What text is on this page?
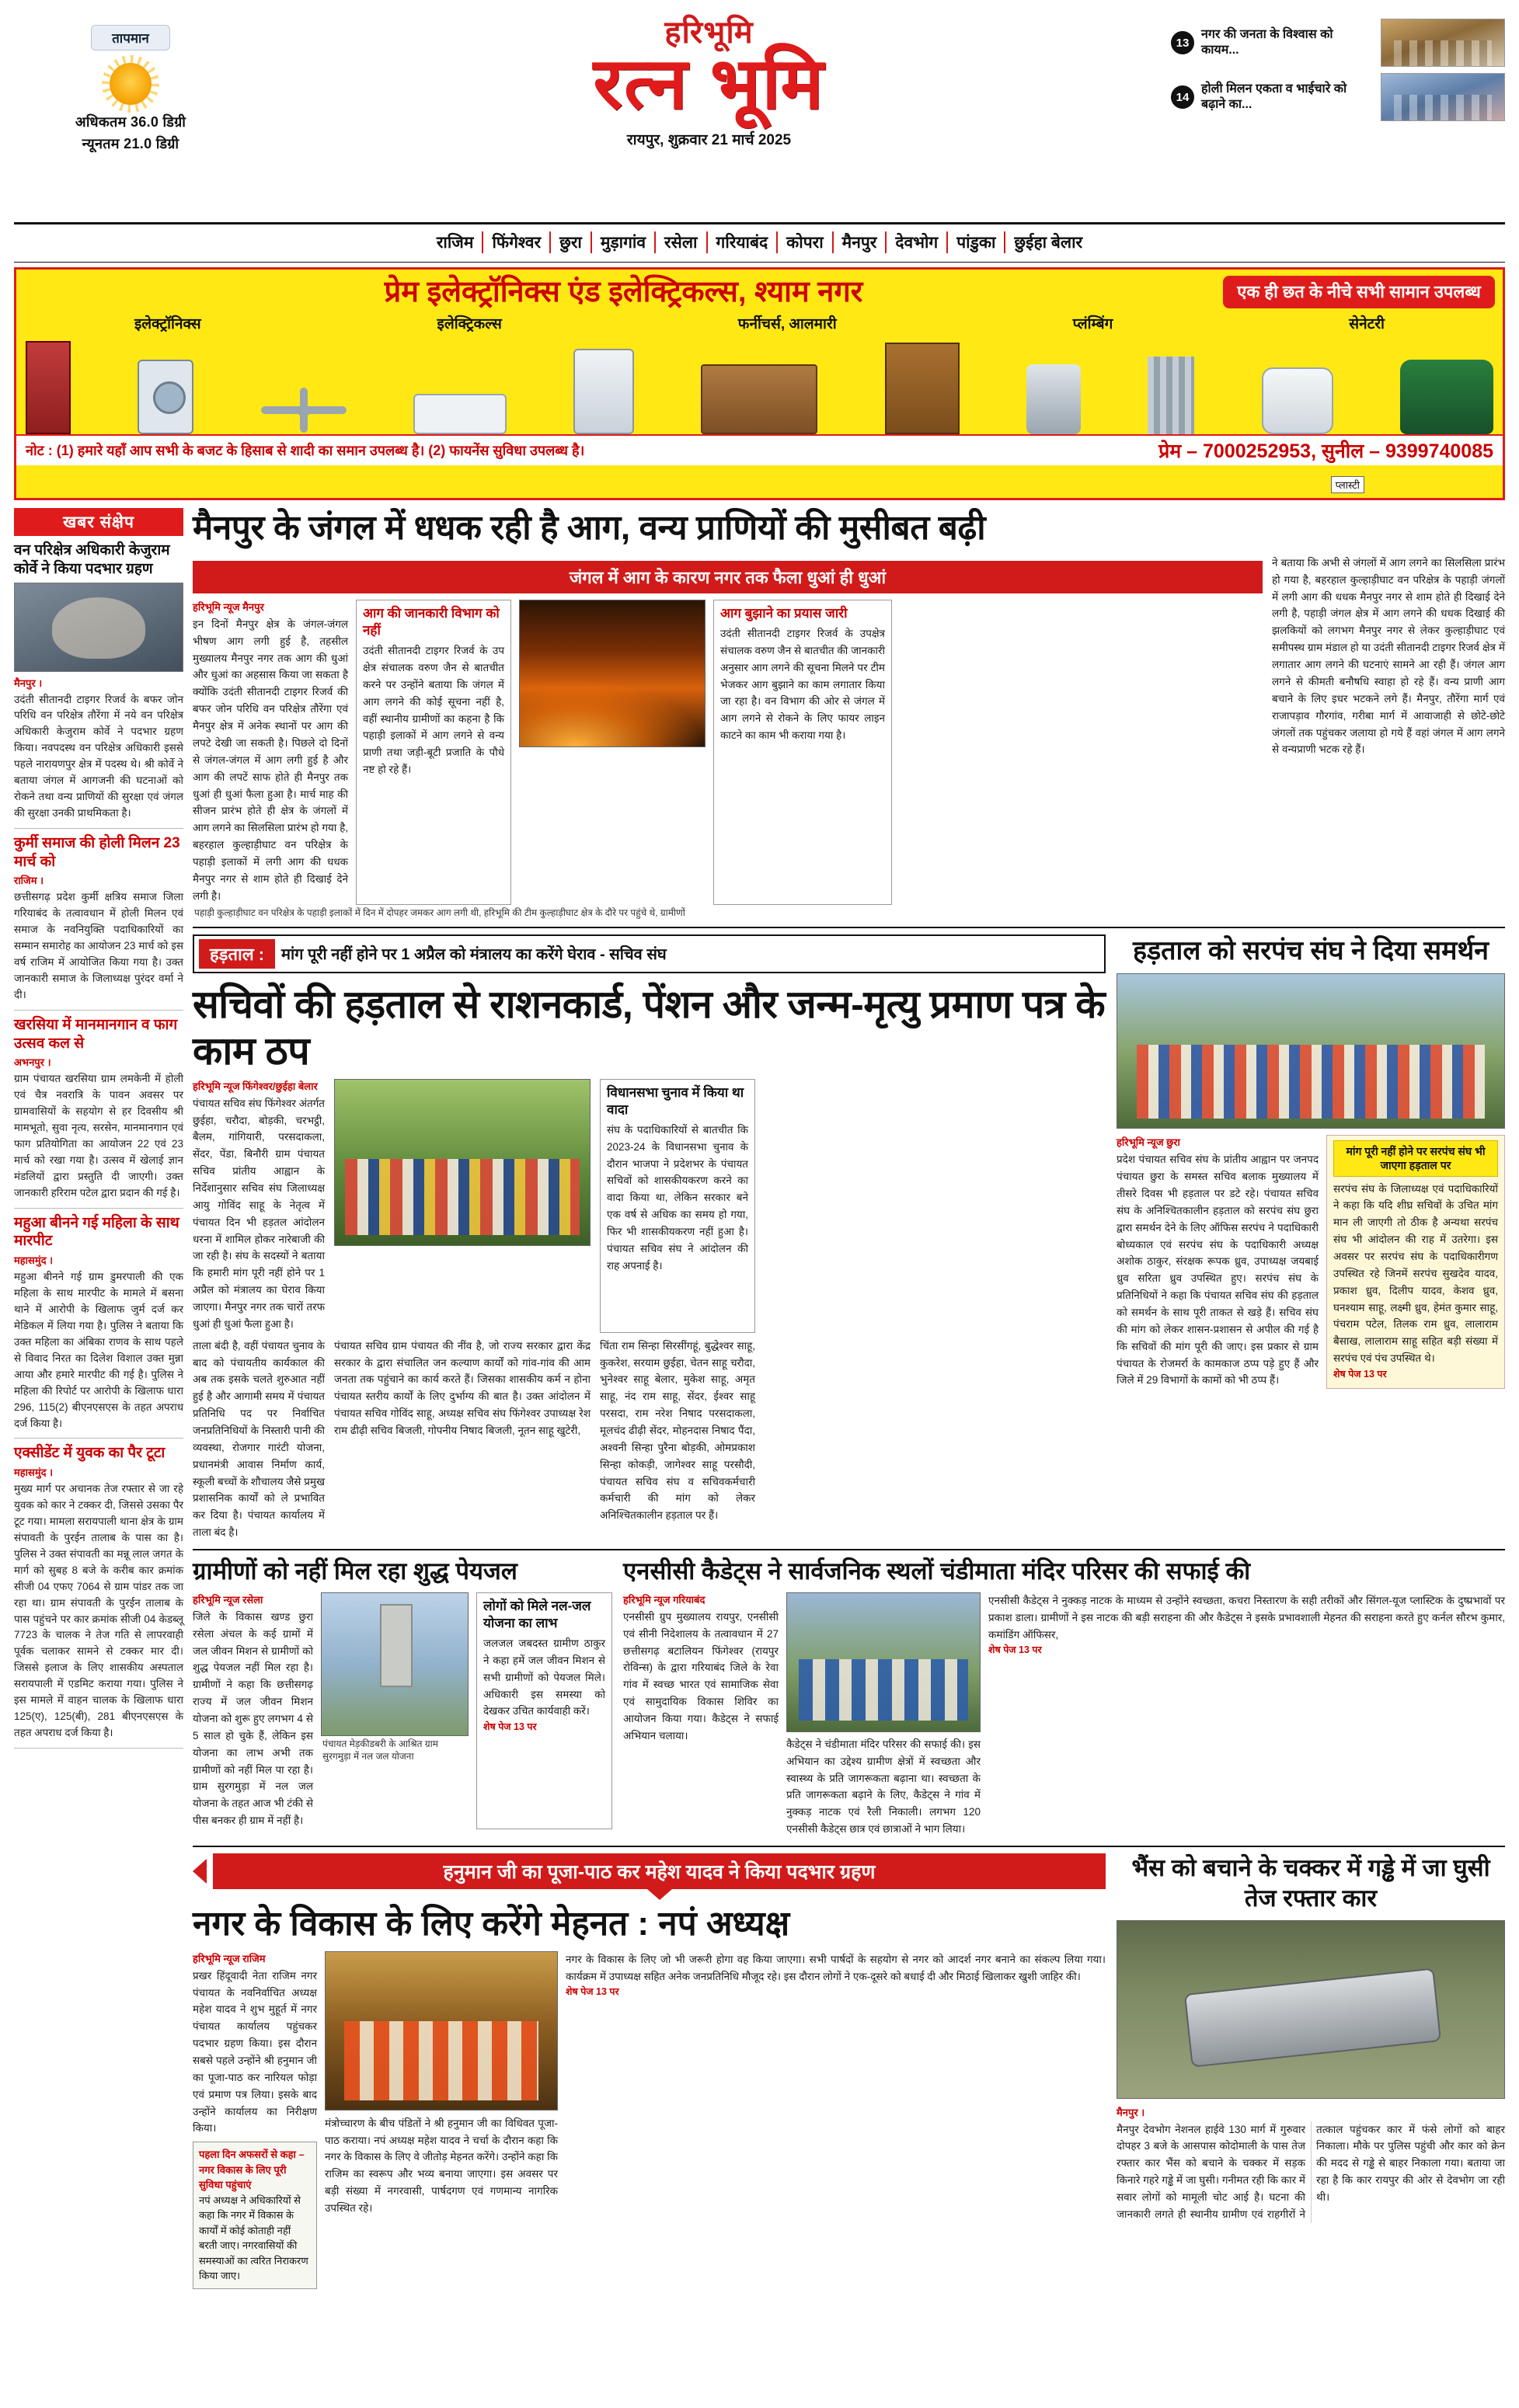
तापमान
अधिकतम 36.0 डिग्री
न्यूनतम 21.0 डिग्री
हरिभूमि
रत्न भूमि
रायपुर, शुक्रवार 21 मार्च 2025
13
नगर की जनता के विश्वास को कायम...
14
होली मिलन एकता व भाईचारे को बढ़ाने का...
राजिम	फिंगेश्वर	छुरा	मुड़ागांव	रसेला	गरियाबंद	कोपरा	मैनपुर	देवभोग	पांडुका	छुईहा बेलार
प्रेम इलेक्ट्रॉनिक्स एंड इलेक्ट्रिकल्स, श्याम नगर	एक ही छत के नीचे सभी सामान उपलब्ध
इलेक्ट्रॉनिक्स	इलेक्ट्रिकल्स	फर्नीचर्स, आलमारी	प्लंम्बिंग	सेनेटरी
प्लास्टी
नोट : (1) हमारे यहाँ आप सभी के बजट के हिसाब से शादी का समान उपलब्ध है। (2) फायनेंस सुविधा उपलब्ध है।	प्रेम – 7000252953, सुनील – 9399740085
खबर संक्षेप
वन परिक्षेत्र अधिकारी केजुराम कोर्वे ने किया पदभार ग्रहण
मैनपुर ।
उदंती सीतानदी टाइगर रिजर्व के बफर जोन परिधि वन परिक्षेत्र तौरेंगा में नये वन परिक्षेत्र अधिकारी केजुराम कोर्वे ने पदभार ग्रहण किया। नवपदस्थ वन परिक्षेत्र अधिकारी इससे पहले नारायणपुर क्षेत्र में पदस्थ थे। श्री कोर्वे ने बताया जंगल में आगजनी की घटनाओं को रोकने तथा वन्य प्राणियों की सुरक्षा एवं जंगल की सुरक्षा उनकी प्राथमिकता है।
कुर्मी समाज की होली मिलन 23 मार्च को
राजिम ।
छत्तीसगढ़ प्रदेश कुर्मी क्षत्रिय समाज जिला गरियाबंद के तत्वावधान में होली मिलन एवं समाज के नवनियुक्ति पदाधिकारियों का सम्मान समारोह का आयोजन 23 मार्च को इस वर्ष राजिम में आयोजित किया गया है। उक्त जानकारी समाज के जिलाध्यक्ष पुरंदर वर्मा ने दी।
खरसिया में मानमानगान व फाग उत्सव कल से
अभनपुर ।
ग्राम पंचायत खरसिया ग्राम लमकेनी में होली एवं चैत्र नवरात्रि के पावन अवसर पर ग्रामवासियों के सहयोग से हर दिवसीय श्री मामभूतो, सुवा नृत्य, सरसेन, मानमानगान एवं फाग प्रतियोगिता का आयोजन 22 एवं 23 मार्च को रखा गया है। उत्सव में खेलाई ज्ञान मंडलियों द्वारा प्रस्तुति दी जाएगी। उक्त जानकारी हरिराम पटेल द्वारा प्रदान की गई है।
महुआ बीनने गई महिला के साथ मारपीट
महासमुंद ।
महुआ बीनने गई ग्राम डुमरपाली की एक महिला के साथ मारपीट के मामले में बसना थाने में आरोपी के खिलाफ जुर्म दर्ज कर मेडिकल में लिया गया है। पुलिस ने बताया कि उक्त महिला का अंबिका राणव के साथ पहले से विवाद निरत का दिलेश विशाल उक्त मुन्ना आया और हमारे मारपीट की गई है। पुलिस ने महिला की रिपोर्ट पर आरोपी के खिलाफ धारा 296, 115(2) बीएनएसएस के तहत अपराध दर्ज किया है।
एक्सीडेंट में युवक का पैर टूटा
महासमुंद ।
मुख्य मार्ग पर अचानक तेज रफ्तार से जा रहे युवक को कार ने टक्कर दी, जिससे उसका पैर टूट गया। मामला सरायपाली थाना क्षेत्र के ग्राम संपावती के पुरईन तालाब के पास का है। पुलिस ने उक्त संपावती का मन्नू लाल जगत के मार्ग को सुबह 8 बजे के करीब कार क्रमांक सीजी 04 एफए 7064 से ग्राम पांडर तक जा रहा था। ग्राम संपावती के पुरईन तालाब के पास पहुंचने पर कार क्रमांक सीजी 04 केडब्लू 7723 के चालक ने तेज गति से लापरवाही पूर्वक चलाकर सामने से टक्कर मार दी। जिससे इलाज के लिए शासकीय अस्पताल सरायपाली में एडमिट कराया गया। पुलिस ने इस मामले में वाहन चालक के खिलाफ धारा 125(ए), 125(बी), 281 बीएनएसएस के तहत अपराध दर्ज किया है।
मैनपुर के जंगल में धधक रही है आग, वन्य प्राणियों की मुसीबत बढ़ी
जंगल में आग के कारण नगर तक फैला धुआं ही धुआं
हरिभूमि न्यूज मैनपुर
इन दिनों मैनपुर क्षेत्र के जंगल-जंगल भीषण आग लगी हुई है, तहसील मुख्यालय मैनपुर नगर तक आग की धुआं और धुआं का अहसास किया जा सकता है क्योंकि उदंती सीतानदी टाइगर रिजर्व की बफर जोन परिधि वन परिक्षेत्र तौरेंगा एवं मैनपुर क्षेत्र में अनेक स्थानों पर आग की लपटे देखी जा सकती है। पिछले दो दिनों से जंगल-जंगल में आग लगी हुई है और आग की लपटें साफ होते ही मैनपुर तक धुआं ही धुआं फैला हुआ है। मार्च माह की सीजन प्रारंभ होते ही क्षेत्र के जंगलों में आग लगने का सिलसिला प्रारंभ हो गया है, बहरहाल कुल्हाड़ीघाट वन परिक्षेत्र के पहाड़ी इलाकों में लगी आग की धधक मैनपुर नगर से शाम होते ही दिखाई देने लगी है।
आग की जानकारी विभाग को नहीं
उदंती सीतानदी टाइगर रिजर्व के उप क्षेत्र संचालक वरुण जैन से बातचीत करने पर उन्होंने बताया कि जंगल में आग लगने की कोई सूचना नहीं है, वहीं स्थानीय ग्रामीणों का कहना है कि पहाड़ी इलाकों में आग लगने से वन्य प्राणी तथा जड़ी-बूटी प्रजाति के पौधे नष्ट हो रहे हैं।
आग बुझाने का प्रयास जारी
उदंती सीतानदी टाइगर रिजर्व के उपक्षेत्र संचालक वरुण जैन से बातचीत की जानकारी अनुसार आग लगने की सूचना मिलने पर टीम भेजकर आग बुझाने का काम लगातार किया जा रहा है। वन विभाग की ओर से जंगल में आग लगने से रोकने के लिए फायर लाइन काटने का काम भी कराया गया है।
पहाड़ी कुल्हाड़ीघाट वन परिक्षेत्र के पहाड़ी इलाकों में दिन में दोपहर जमकर आग लगी थी, हरिभूमि की टीम कुल्हाड़ीघाट क्षेत्र के दौरे पर पहुंचे थे, ग्रामीणों
ने बताया कि अभी से जंगलों में आग लगने का सिलसिला प्रारंभ हो गया है, बहरहाल कुल्हाड़ीघाट वन परिक्षेत्र के पहाड़ी जंगलों में लगी आग की धधक मैनपुर नगर से शाम होते ही दिखाई देने लगी है, पहाड़ी जंगल क्षेत्र में आग लगने की धधक दिखाई की झलकियों को लगभग मैनपुर नगर से लेकर कुल्हाड़ीघाट एवं समीपस्थ ग्राम मंडाल हो या उदंती सीतानदी टाइगर रिजर्व क्षेत्र में लगातार आग लगने की घटनाएं सामने आ रही हैं। जंगल आग लगने से कीमती बनौषधि स्वाहा हो रहे हैं। वन्य प्राणी आग बचाने के लिए इधर भटकने लगे हैं। मैनपुर, तौरेंगा मार्ग एवं राजापड़ाव गौरगांव, गरीबा मार्ग में आवाजाही से छोटे-छोटे जंगलों तक पहुंचकर जलाया हो गये हैं वहां जंगल में आग लगने से वन्यप्राणी भटक रहे हैं।
हड़ताल :	मांग पूरी नहीं होने पर 1 अप्रैल को मंत्रालय का करेंगे घेराव - सचिव संघ
सचिवों की हड़ताल से राशनकार्ड, पेंशन और जन्म-मृत्यु प्रमाण पत्र के काम ठप
हरिभूमि न्यूज फिंगेश्वर/छुईहा बेलार
पंचायत सचिव संघ फिंगेश्वर अंतर्गत छुईहा, चरौदा, बोड़की, चरभट्ठी, बैलम, गांगियारी, परसदाकला, सेंदर, पेंडा, बिनौरी ग्राम पंचायत सचिव प्रांतीय आह्वान के निर्देशानुसार सचिव संघ जिलाध्यक्ष आयु गोविंद साहू के नेतृत्व में पंचायत दिन भी हड़तल आंदोलन धरना में शामिल होकर नारेबाजी की जा रही है। संघ के सदस्यों ने बताया कि हमारी मांग पूरी नहीं होने पर 1 अप्रैल को मंत्रालय का घेराव किया जाएगा। मैनपुर नगर तक चारों तरफ धुआं ही धुआं फैला हुआ है।
विधानसभा चुनाव में किया था वादा
संघ के पदाधिकारियों से बातचीत कि 2023-24 के विधानसभा चुनाव के दौरान भाजपा ने प्रदेशभर के पंचायत सचिवों को शासकीयकरण करने का वादा किया था, लेकिन सरकार बने एक वर्ष से अधिक का समय हो गया, फिर भी शासकीयकरण नहीं हुआ है। पंचायत सचिव संघ ने आंदोलन की राह अपनाई है।
ताला बंदी है, वहीं पंचायत चुनाव के बाद को पंचायतीय कार्यकाल की अब तक इसके चलते शुरुआत नहीं हुई है और आगामी समय में पंचायत प्रतिनिधि पद पर निर्वाचित जनप्रतिनिधियों के निस्तारी पानी की व्यवस्था, रोजगार गारंटी योजना, प्रधानमंत्री आवास निर्माण कार्य, स्कूली बच्चों के शौचालय जैसे प्रमुख प्रशासनिक कार्यों को ले प्रभावित कर दिया है। पंचायत कार्यालय में ताला बंद है।
पंचायत सचिव ग्राम पंचायत की नींव है, जो राज्य सरकार द्वारा केंद्र सरकार के द्वारा संचालित जन कल्याण कार्यों को गांव-गांव की आम जनता तक पहुंचाने का कार्य करते हैं। जिसका शासकीय कर्म न होना पंचायत स्तरीय कार्यों के लिए दुर्भाग्य की बात है। उक्त आंदोलन में पंचायत सचिव गोविंद साहू, अध्यक्ष सचिव संघ फिंगेश्वर उपाध्यक्ष रेश राम ढीढ़ी सचिव बिजली, गोपनीय निषाद बिजली, नूतन साहू खुटेरी,
चिंता राम सिन्हा सिरसींगहूं, बुद्धेश्वर साहू, कुकरेश, सरयाम छुईहा, चेतन साहू चरौदा, भुनेश्वर साहू बेलार, मुकेश साहू, अमृत साहू, नंद राम साहू, सेंदर, ईश्वर साहू परसदा, राम नरेश निषाद परसदाकला, मूलचंद ढीढ़ी सेंदर, मोहनदास निषाद पैंदा, अश्वनी सिन्हा पुरैना बोड़की, ओमप्रकाश सिन्हा कोकड़ी, जागेश्वर साहू परसौदी, पंचायत सचिव संघ व सचिवकर्मचारी कर्मचारी की मांग को लेकर अनिश्चितकालीन हड़ताल पर हैं।
हड़ताल को सरपंच संघ ने दिया समर्थन
हरिभूमि न्यूज छुरा
प्रदेश पंचायत सचिव संघ के प्रांतीय आह्वान पर जनपद पंचायत छुरा के समस्त सचिव बलाक मुख्यालय में तीसरे दिवस भी हड़ताल पर डटे रहे। पंचायत सचिव संघ के अनिश्चितकालीन हड़ताल को सरपंच संघ छुरा द्वारा समर्थन देने के लिए ऑफिस सरपंच ने पदाधिकारी बोध्यकाल एवं सरपंच संघ के पदाधिकारी अध्यक्ष अशोक ठाकुर, संरक्षक रूपक ध्रुव, उपाध्यक्ष जयबाई ध्रुव सरिता ध्रुव उपस्थित हुए। सरपंच संघ के प्रतिनिधियों ने कहा कि पंचायत सचिव संघ की हड़ताल को समर्थन के साथ पूरी ताकत से खड़े हैं। सचिव संघ की मांग को लेकर शासन-प्रशासन से अपील की गई है कि सचिवों की मांग पूरी की जाए। इस प्रकार से ग्राम पंचायत के रोजमर्रा के कामकाज ठप्प पड़े हुए हैं और जिले में 29 विभागों के कामों को भी ठप्प हैं।
मांग पूरी नहीं होने पर सरपंच संघ भी जाएगा हड़ताल पर
सरपंच संघ के जिलाध्यक्ष एवं पदाधिकारियों ने कहा कि यदि शीघ्र सचिवों के उचित मांग मान ली जाएगी तो ठीक है अन्यथा सरपंच संघ भी आंदोलन की राह में उतरेगा। इस अवसर पर सरपंच संघ के पदाधिकारीगण उपस्थित रहे जिनमें सरपंच सुखदेव यादव, प्रकाश ध्रुव, दिलीप यादव, केशव ध्रुव, घनश्याम साहू, लक्ष्मी ध्रुव, हेमंत कुमार साहू, पंचराम पटेल, तिलक राम ध्रुव, लालाराम बैसाख, लालाराम साहू सहित बड़ी संख्या में सरपंच एवं पंच उपस्थित थे।
शेष पेज 13 पर
ग्रामीणों को नहीं मिल रहा शुद्ध पेयजल
हरिभूमि न्यूज रसेला
जिले के विकास खण्ड छुरा रसेला अंचल के कई ग्रामों में जल जीवन मिशन से ग्रामीणों को शुद्ध पेयजल नहीं मिल रहा है। ग्रामीणों ने कहा कि छत्तीसगढ़ राज्य में जल जीवन मिशन योजना को शुरू हुए लगभग 4 से 5 साल हो चुके हैं, लेकिन इस योजना का लाभ अभी तक ग्रामीणों को नहीं मिल पा रहा है। ग्राम सुरगमुड़ा में नल जल योजना के तहत आज भी टंकी से पीस बनकर ही ग्राम में नहीं है।
पंचायत मेड़कीडबरी के आश्रित ग्राम सुरगमुड़ा में नल जल योजना
लोगों को मिले नल-जल योजना का लाभ
जलजल जबदस्त ग्रामीण ठाकुर ने कहा हमें जल जीवन मिशन से सभी ग्रामीणों को पेयजल मिले। अधिकारी इस समस्या को देखकर उचित कार्यवाही करें।
शेष पेज 13 पर
एनसीसी कैडेट्स ने सार्वजनिक स्थलों चंडीमाता मंदिर परिसर की सफाई की
हरिभूमि न्यूज गरियाबंद
एनसीसी ग्रुप मुख्यालय रायपुर, एनसीसी एवं सीनी निदेशालय के तत्वावधान में 27 छत्तीसगढ़ बटालियन फिंगेश्वर (रायपुर रोविन्स) के द्वारा गरियाबंद जिले के रेवा गांव में स्वच्छ भारत एवं सामाजिक सेवा एवं सामुदायिक विकास शिविर का आयोजन किया गया। कैडेट्स ने सफाई अभियान चलाया।
कैडेट्स ने चंडीमाता मंदिर परिसर की सफाई की। इस अभियान का उद्देश्य ग्रामीण क्षेत्रों में स्वच्छता और स्वास्थ्य के प्रति जागरूकता बढ़ाना था। स्वच्छता के प्रति जागरूकता बढ़ाने के लिए, कैडेट्स ने गांव में नुक्कड़ नाटक एवं रैली निकाली। लगभग 120 एनसीसी कैडेट्स छात्र एवं छात्राओं ने भाग लिया।
एनसीसी कैडेट्स ने नुक्कड़ नाटक के माध्यम से उन्होंने स्वच्छता, कचरा निस्तारण के सही तरीकों और सिंगल-यूज प्लास्टिक के दुष्प्रभावों पर प्रकाश डाला। ग्रामीणों ने इस नाटक की बड़ी सराहना की और कैडेट्स ने इसके प्रभावशाली मेहनत की सराहना करते हुए कर्नल सौरभ कुमार, कमांडिंग ऑफिसर,
शेष पेज 13 पर
हनुमान जी का पूजा-पाठ कर महेश यादव ने किया पदभार ग्रहण
नगर के विकास के लिए करेंगे मेहनत : नपं अध्यक्ष
हरिभूमि न्यूज राजिम
प्रखर हिंदूवादी नेता राजिम नगर पंचायत के नवनिर्वाचित अध्यक्ष महेश यादव ने शुभ मुहूर्त में नगर पंचायत कार्यालय पहुंचकर पदभार ग्रहण किया। इस दौरान सबसे पहले उन्होंने श्री हनुमान जी का पूजा-पाठ कर नारियल फोड़ा एवं प्रमाण पत्र लिया। इसके बाद उन्होंने कार्यालय का निरीक्षण किया।
पहला दिन अफसरों से कहा – नगर विकास के लिए पूरी सुविधा पहुंचाएं
नपं अध्यक्ष ने अधिकारियों से कहा कि नगर में विकास के कार्यों में कोई कोताही नहीं बरती जाए। नगरवासियों की समस्याओं का त्वरित निराकरण किया जाए।
मंत्रोच्चारण के बीच पंडितों ने श्री हनुमान जी का विधिवत पूजा-पाठ कराया। नपं अध्यक्ष महेश यादव ने चर्चा के दौरान कहा कि नगर के विकास के लिए वे जीतोड़ मेहनत करेंगे। उन्होंने कहा कि राजिम का स्वरूप और भव्य बनाया जाएगा। इस अवसर पर बड़ी संख्या में नगरवासी, पार्षदगण एवं गणमान्य नागरिक उपस्थित रहे।
नगर के विकास के लिए जो भी जरूरी होगा वह किया जाएगा। सभी पार्षदों के सहयोग से नगर को आदर्श नगर बनाने का संकल्प लिया गया। कार्यक्रम में उपाध्यक्ष सहित अनेक जनप्रतिनिधि मौजूद रहे। इस दौरान लोगों ने एक-दूसरे को बधाई दी और मिठाई खिलाकर खुशी जाहिर की।
शेष पेज 13 पर
भैंस को बचाने के चक्कर में गड्ढे में जा घुसी तेज रफ्तार कार
मैनपुर ।
मैनपुर देवभोग नेशनल हाईवे 130 मार्ग में गुरुवार दोपहर 3 बजे के आसपास कोदोमाली के पास तेज रफ्तार कार भैंस को बचाने के चक्कर में सड़क किनारे गहरे गड्ढे में जा घुसी। गनीमत रही कि कार में सवार लोगों को मामूली चोट आई है। घटना की जानकारी लगते ही स्थानीय ग्रामीण एवं राहगीरों ने तत्काल पहुंचकर कार में फंसे लोगों को बाहर निकाला। मौके पर पुलिस पहुंची और कार को क्रेन की मदद से गड्ढे से बाहर निकाला गया। बताया जा रहा है कि कार रायपुर की ओर से देवभोग जा रही थी।
